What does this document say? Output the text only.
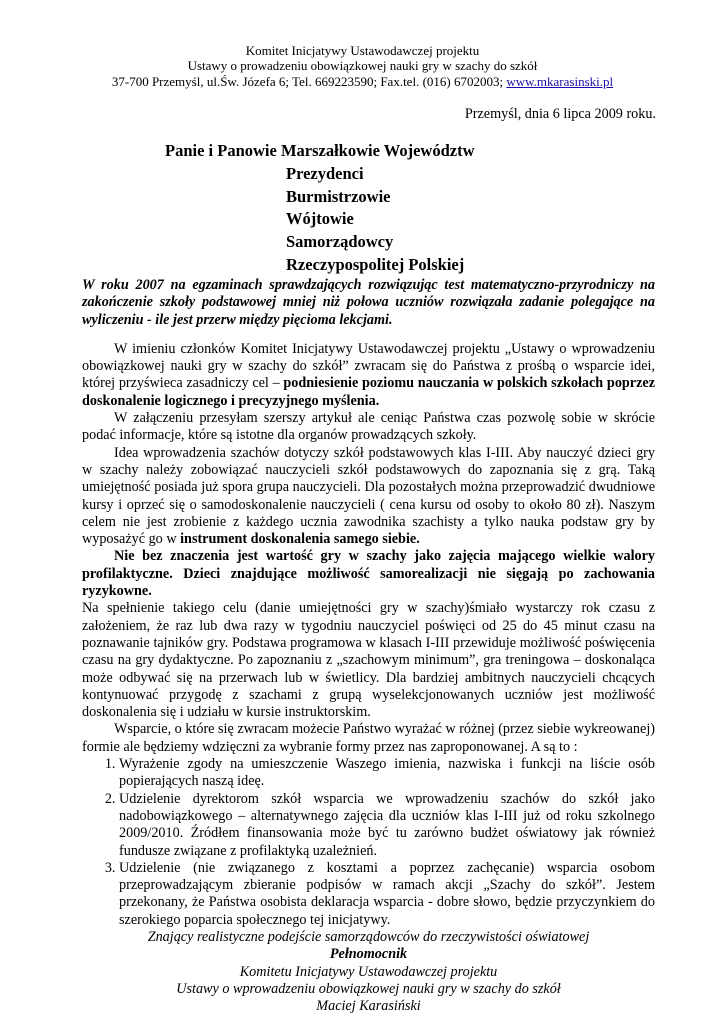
Komitet Inicjatywy Ustawodawczej projektu
Ustawy o prowadzeniu obowiązkowej nauki gry w szachy do szkół
37-700 Przemyśl, ul.Św. Józefa 6; Tel. 669223590; Fax.tel. (016) 6702003; www.mkarasinski.pl
Przemyśl, dnia 6 lipca 2009 roku.
Panie i Panowie Marszałkowie Województw
Prezydenci
Burmistrzowie
Wójtowie
Samorządowcy
Rzeczypospolitej Polskiej

W roku 2007 na egzaminach sprawdzających rozwiązując test matematyczno-przyrodniczy na zakończenie szkoły podstawowej mniej niż połowa uczniów rozwiązała zadanie polegające na wyliczeniu - ile jest przerw między pięcioma lekcjami.

W imieniu członków Komitet Inicjatywy Ustawodawczej projektu „Ustawy o wprowadzeniu obowiązkowej nauki gry w szachy do szkół” zwracam się do Państwa z prośbą o wsparcie idei, której przyświeca zasadniczy cel – podniesienie poziomu nauczania w polskich szkołach poprzez doskonalenie logicznego i precyzyjnego myślenia.

W załączeniu przesyłam szerszy artykuł ale ceniąc Państwa czas pozwolę sobie w skrócie podać informacje, które są istotne dla organów prowadzących szkoły.

Idea wprowadzenia szachów dotyczy szkół podstawowych klas I-III. Aby nauczyć dzieci gry w szachy należy zobowiązać nauczycieli szkół podstawowych do zapoznania się z grą. Taką umiejętność posiada już spora grupa nauczycieli. Dla pozostałych można przeprowadzić dwudniowe kursy i oprzeć się o samodoskonalenie nauczycieli ( cena kursu od osoby to około 80 zł). Naszym celem nie jest zrobienie z każdego ucznia zawodnika szachisty a tylko nauka podstaw gry by wyposażyć go w instrument doskonalenia samego siebie.

Nie bez znaczenia jest wartość gry w szachy jako zajęcia mającego wielkie walory profilaktyczne. Dzieci znajdujące możliwość samorealizacji nie sięgają po zachowania ryzykowne.

Na spełnienie takiego celu (danie umiejętności gry w szachy)śmiało wystarczy rok czasu z założeniem, że raz lub dwa razy w tygodniu nauczyciel poświęci od 25 do 45 minut czasu na poznawanie tajników gry. Podstawa programowa w klasach I-III przewiduje możliwość poświęcenia czasu na gry dydaktyczne. Po zapoznaniu z „szachowym minimum”, gra treningowa – doskonaląca może odbywać się na przerwach lub w świetlicy. Dla bardziej ambitnych nauczycieli chcących kontynuować przygodę z szachami z grupą wyselekcjonowanych uczniów jest możliwość doskonalenia się i udziału w kursie instruktorskim.

Wsparcie, o które się zwracam możecie Państwo wyrażać w różnej (przez siebie wykreowanej) formie ale będziemy wdzięczni za wybranie formy przez nas zaproponowanej. A są to :

1. Wyrażenie zgody na umieszczenie Waszego imienia, nazwiska i funkcji na liście osób popierających naszą ideę.
2. Udzielenie dyrektorom szkół wsparcia we wprowadzeniu szachów do szkół jako nadobowiązkowego – alternatywnego zajęcia dla uczniów klas I-III już od roku szkolnego 2009/2010. Źródłem finansowania może być tu zarówno budżet oświatowy jak również fundusze związane z profilaktyką uzależnień.
3. Udzielenie (nie związanego z kosztami a poprzez zachęcanie) wsparcia osobom przeprowadzającym zbieranie podpisów w ramach akcji „Szachy do szkół”. Jestem przekonany, że Państwa osobista deklaracja wsparcia - dobre słowo, będzie przyczynkiem do szerokiego poparcia społecznego tej inicjatywy.

Znający realistyczne podejście samorządowców do rzeczywistości oświatowej

Pełnomocnik

Komitetu Inicjatywy Ustawodawczej projektu

Ustawy o wprowadzeniu obowiązkowej nauki gry w szachy do szkół

Maciej Karasiński
